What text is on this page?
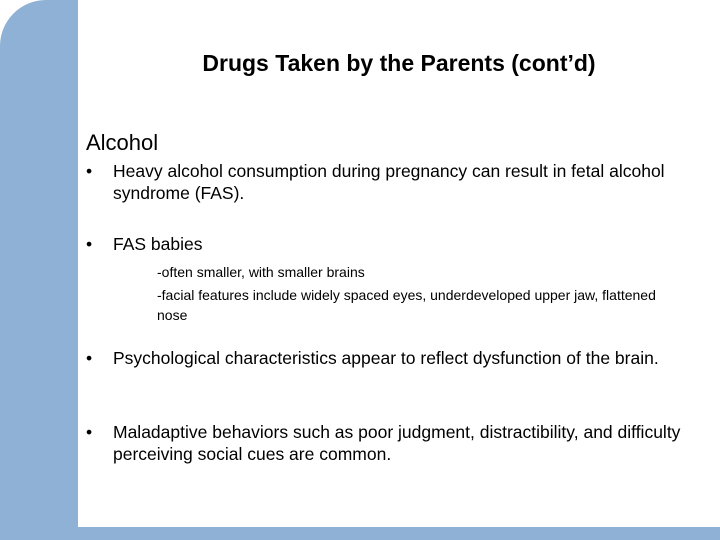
Drugs Taken by the Parents (cont’d)
Alcohol
•	Heavy alcohol consumption during pregnancy can result in fetal alcohol syndrome (FAS).
•	FAS babies
-often smaller, with smaller brains
-facial features include widely spaced eyes, underdeveloped upper jaw, flattened nose
•	Psychological characteristics appear to reflect dysfunction of the brain.
•	Maladaptive behaviors such as poor judgment, distractibility, and difficulty perceiving social cues are common.
